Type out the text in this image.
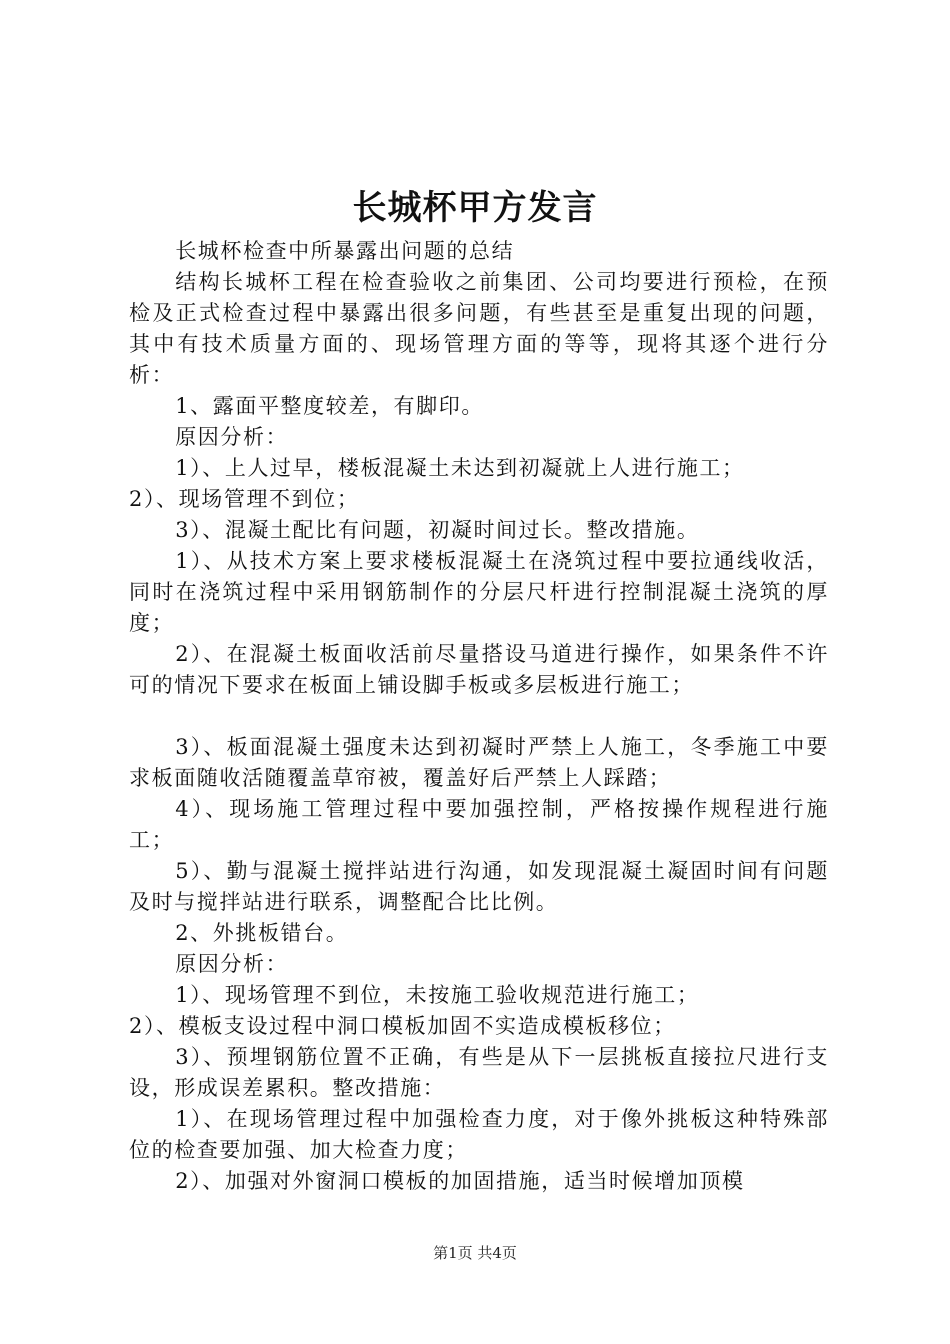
长城杯甲方发言

长城杯检查中所暴露出问题的总结

结构长城杯工程在检查验收之前集团、公司均要进行预检，在预检及正式检查过程中暴露出很多问题，有些甚至是重复出现的问题，其中有技术质量方面的、现场管理方面的等等，现将其逐个进行分析：

1、露面平整度较差，有脚印。

原因分析：

1）、上人过早，楼板混凝土未达到初凝就上人进行施工；

2）、现场管理不到位；

3）、混凝土配比有问题，初凝时间过长。整改措施。

1）、从技术方案上要求楼板混凝土在浇筑过程中要拉通线收活，同时在浇筑过程中采用钢筋制作的分层尺杆进行控制混凝土浇筑的厚度；

2）、在混凝土板面收活前尽量搭设马道进行操作，如果条件不许可的情况下要求在板面上铺设脚手板或多层板进行施工；

3）、板面混凝土强度未达到初凝时严禁上人施工，冬季施工中要求板面随收活随覆盖草帘被，覆盖好后严禁上人踩踏；

4）、现场施工管理过程中要加强控制，严格按操作规程进行施工；

5）、勤与混凝土搅拌站进行沟通，如发现混凝土凝固时间有问题及时与搅拌站进行联系，调整配合比比例。

2、外挑板错台。

原因分析：

1）、现场管理不到位，未按施工验收规范进行施工；

2）、模板支设过程中洞口模板加固不实造成模板移位；

3）、预埋钢筋位置不正确，有些是从下一层挑板直接拉尺进行支设，形成误差累积。整改措施：

1）、在现场管理过程中加强检查力度，对于像外挑板这种特殊部位的检查要加强、加大检查力度；

2）、加强对外窗洞口模板的加固措施，适当时候增加顶模

第1页 共4页
